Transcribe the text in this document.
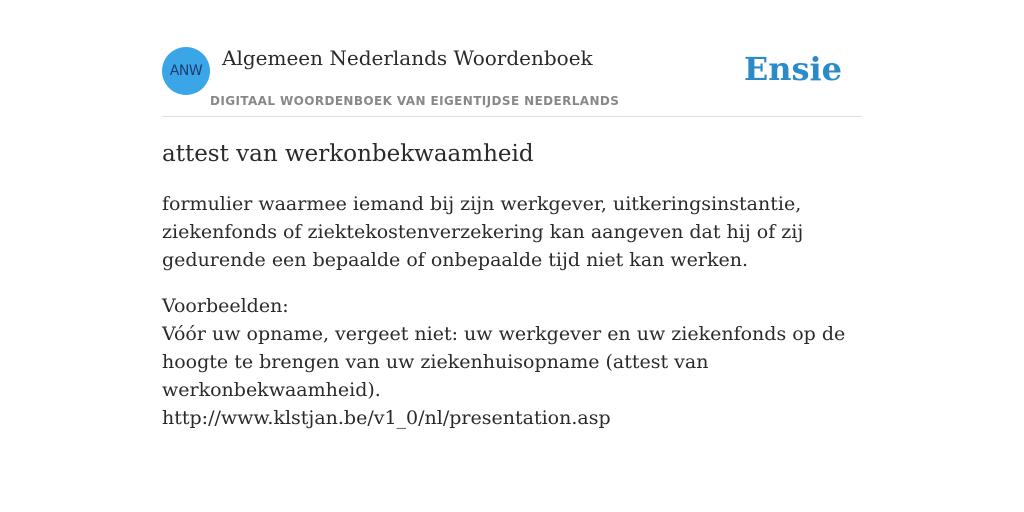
ANW
Algemeen Nederlands Woordenboek
DIGITAAL WOORDENBOEK VAN EIGENTIJDSE NEDERLANDS
Ensie
attest van werkonbekwaamheid

formulier waarmee iemand bij zijn werkgever, uitkeringsinstantie, ziekenfonds of ziektekostenverzekering kan aangeven dat hij of zij gedurende een bepaalde of onbepaalde tijd niet kan werken.

Voorbeelden:
Vóór uw opname, vergeet niet: uw werkgever en uw ziekenfonds op de hoogte te brengen van uw ziekenhuisopname (attest van werkonbekwaamheid).
http://www.klstjan.be/v1_0/nl/presentation.asp
